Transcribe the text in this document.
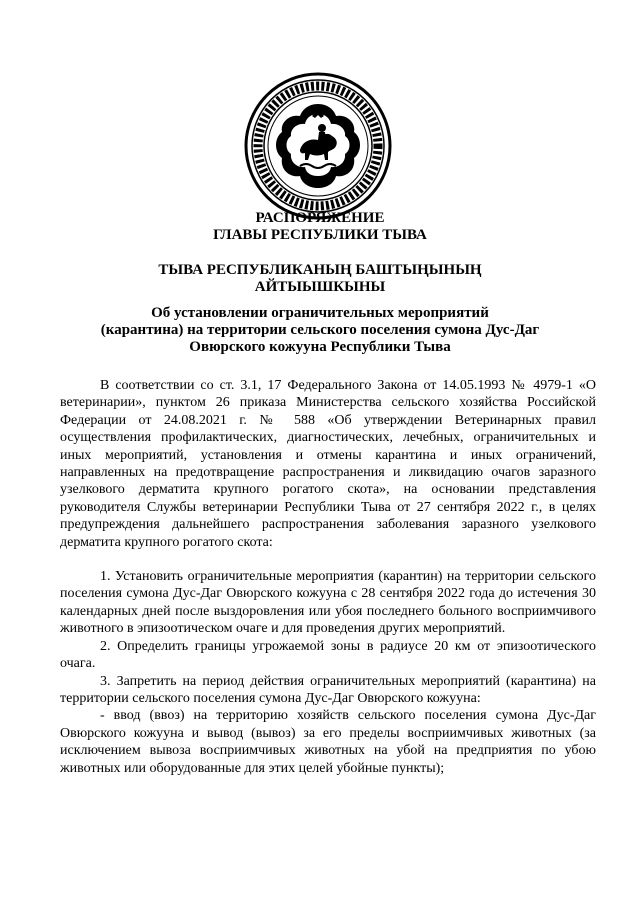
РАСПОРЯЖЕНИЕ
ГЛАВЫ РЕСПУБЛИКИ ТЫВА

ТЫВА РЕСПУБЛИКАНЫҢ БАШТЫҢЫНЫҢ
АЙТЫЫШКЫНЫ

Об установлении ограничительных мероприятий
(карантина) на территории сельского поселения сумона Дус-Даг
Овюрского кожууна Республики Тыва

В соответствии со ст. 3.1, 17 Федерального Закона от 14.05.1993 № 4979-1 «О ветеринарии», пунктом 26 приказа Министерства сельского хозяйства Российской Федерации от 24.08.2021 г. № 588 «Об утверждении Ветеринарных правил осуществления профилактических, диагностических, лечебных, ограничительных и иных мероприятий, установления и отмены карантина и иных ограничений, направленных на предотвращение распространения и ликвидацию очагов заразного узелкового дерматита крупного рогатого скота», на основании представления руководителя Службы ветеринарии Республики Тыва от 27 сентября 2022 г., в целях предупреждения дальнейшего распространения заболевания заразного узелкового дерматита крупного рогатого скота:

1. Установить ограничительные мероприятия (карантин) на территории сельского поселения сумона Дус-Даг Овюрского кожууна с 28 сентября 2022 года до истечения 30 календарных дней после выздоровления или убоя последнего больного восприимчивого животного в эпизоотическом очаге и для проведения других мероприятий.

2. Определить границы угрожаемой зоны в радиусе 20 км от эпизоотического очага.

3. Запретить на период действия ограничительных мероприятий (карантина) на территории сельского поселения сумона Дус-Даг Овюрского кожууна:

- ввод (ввоз) на территорию хозяйств сельского поселения сумона Дус-Даг Овюрского кожууна и вывод (вывоз) за его пределы восприимчивых животных (за исключением вывоза восприимчивых животных на убой на предприятия по убою животных или оборудованные для этих целей убойные пункты);
